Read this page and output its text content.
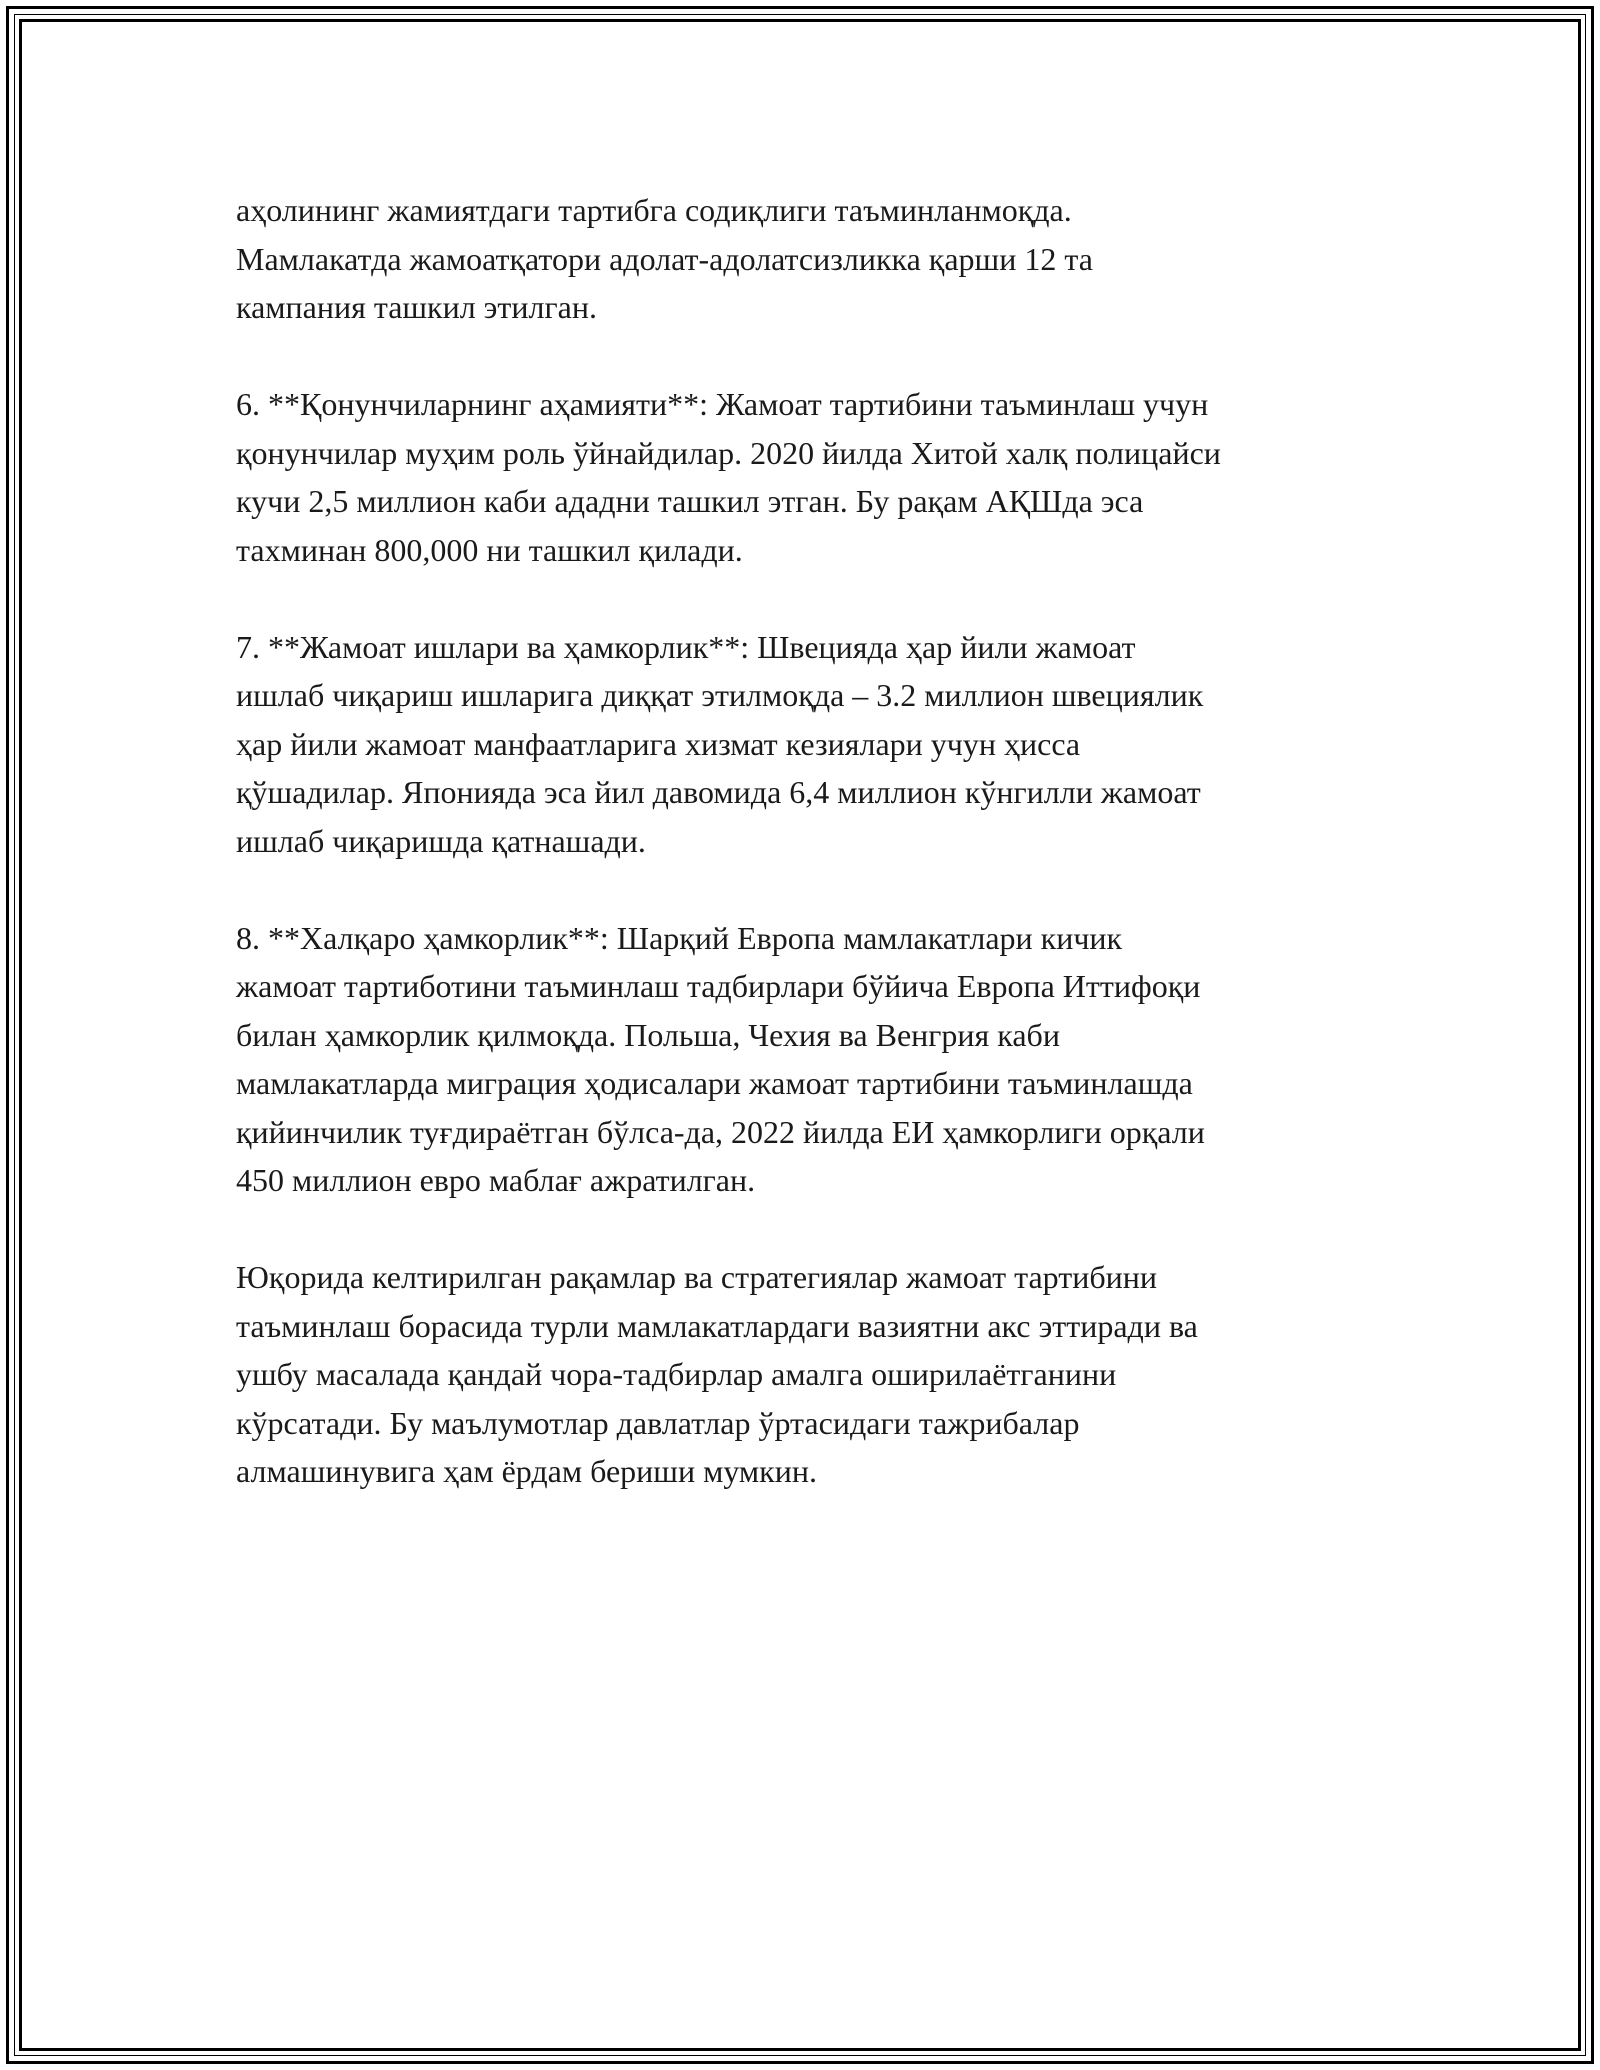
аҳолининг жамиятдаги тартибга содиқлиги таъминланмоқда.
Мамлакатда жамоатқатори адолат-адолатсизликка қарши 12 та
кампания ташкил этилган.

6. **Қонунчиларнинг аҳамияти**: Жамоат тартибини таъминлаш учун
қонунчилар муҳим роль ўйнайдилар. 2020 йилда Хитой халқ полицайси
кучи 2,5 миллион каби ададни ташкил этган. Бу рақам АҚШда эса
тахминан 800,000 ни ташкил қилади.

7. **Жамоат ишлари ва ҳамкорлик**: Швецияда ҳар йили жамоат
ишлаб чиқариш ишларига диққат этилмоқда – 3.2 миллион швециялик
ҳар йили жамоат манфаатларига хизмат кезиялари учун ҳисса
қўшадилар. Японияда эса йил давомида 6,4 миллион кўнгилли жамоат
ишлаб чиқаришда қатнашади.

8. **Халқаро ҳамкорлик**: Шарқий Европа мамлакатлари кичик
жамоат тартиботини таъминлаш тадбирлари бўйича Европа Иттифоқи
билан ҳамкорлик қилмоқда. Польша, Чехия ва Венгрия каби
мамлакатларда миграция ҳодисалари жамоат тартибини таъминлашда
қийинчилик туғдираётган бўлса-да, 2022 йилда ЕИ ҳамкорлиги орқали
450 миллион евро маблағ ажратилган.

Юқорида келтирилган рақамлар ва стратегиялар жамоат тартибини
таъминлаш борасида турли мамлакатлардаги вазиятни акс эттиради ва
ушбу масалада қандай чора-тадбирлар амалга оширилаётганини
кўрсатади. Бу маълумотлар давлатлар ўртасидаги тажрибалар
алмашинувига ҳам ёрдам бериши мумкин.
